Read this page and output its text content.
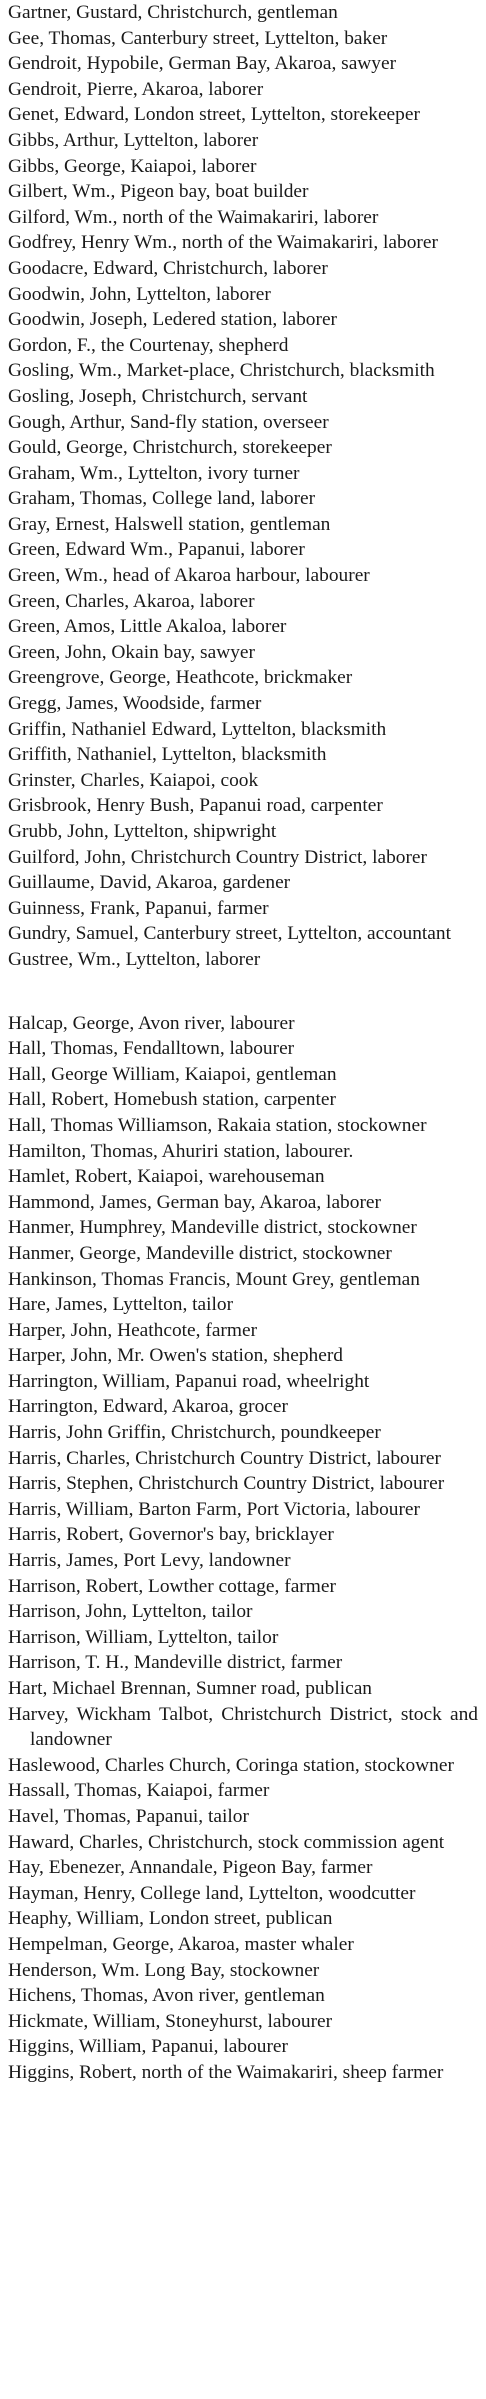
Gartner, Gustard, Christchurch, gentleman
Gee, Thomas, Canterbury street, Lyttelton, baker
Gendroit, Hypobile, German Bay, Akaroa, sawyer
Gendroit, Pierre, Akaroa, laborer
Genet, Edward, London street, Lyttelton, storekeeper
Gibbs, Arthur, Lyttelton, laborer
Gibbs, George, Kaiapoi, laborer
Gilbert, Wm., Pigeon bay, boat builder
Gilford, Wm., north of the Waimakariri, laborer
Godfrey, Henry Wm., north of the Waimakariri, laborer
Goodacre, Edward, Christchurch, laborer
Goodwin, John, Lyttelton, laborer
Goodwin, Joseph, Ledered station, laborer
Gordon, F., the Courtenay, shepherd
Gosling, Wm., Market-place, Christchurch, blacksmith
Gosling, Joseph, Christchurch, servant
Gough, Arthur, Sand-fly station, overseer
Gould, George, Christchurch, storekeeper
Graham, Wm., Lyttelton, ivory turner
Graham, Thomas, College land, laborer
Gray, Ernest, Halswell station, gentleman
Green, Edward Wm., Papanui, laborer
Green, Wm., head of Akaroa harbour, labourer
Green, Charles, Akaroa, laborer
Green, Amos, Little Akaloa, laborer
Green, John, Okain bay, sawyer
Greengrove, George, Heathcote, brickmaker
Gregg, James, Woodside, farmer
Griffin, Nathaniel Edward, Lyttelton, blacksmith
Griffith, Nathaniel, Lyttelton, blacksmith
Grinster, Charles, Kaiapoi, cook
Grisbrook, Henry Bush, Papanui road, carpenter
Grubb, John, Lyttelton, shipwright
Guilford, John, Christchurch Country District, laborer
Guillaume, David, Akaroa, gardener
Guinness, Frank, Papanui, farmer
Gundry, Samuel, Canterbury street, Lyttelton, accountant
Gustree, Wm., Lyttelton, laborer
Halcap, George, Avon river, labourer
Hall, Thomas, Fendalltown, labourer
Hall, George William, Kaiapoi, gentleman
Hall, Robert, Homebush station, carpenter
Hall, Thomas Williamson, Rakaia station, stockowner
Hamilton, Thomas, Ahuriri station, labourer.
Hamlet, Robert, Kaiapoi, warehouseman
Hammond, James, German bay, Akaroa, laborer
Hanmer, Humphrey, Mandeville district, stockowner
Hanmer, George, Mandeville district, stockowner
Hankinson, Thomas Francis, Mount Grey, gentleman
Hare, James, Lyttelton, tailor
Harper, John, Heathcote, farmer
Harper, John, Mr. Owen's station, shepherd
Harrington, William, Papanui road, wheelright
Harrington, Edward, Akaroa, grocer
Harris, John Griffin, Christchurch, poundkeeper
Harris, Charles, Christchurch Country District, labourer
Harris, Stephen, Christchurch Country District, labourer
Harris, William, Barton Farm, Port Victoria, labourer
Harris, Robert, Governor's bay, bricklayer
Harris, James, Port Levy, landowner
Harrison, Robert, Lowther cottage, farmer
Harrison, John, Lyttelton, tailor
Harrison, William, Lyttelton, tailor
Harrison, T. H., Mandeville district, farmer
Hart, Michael Brennan, Sumner road, publican
Harvey, Wickham Talbot, Christchurch District, stock and landowner
Haslewood, Charles Church, Coringa station, stockowner
Hassall, Thomas, Kaiapoi, farmer
Havel, Thomas, Papanui, tailor
Haward, Charles, Christchurch, stock commission agent
Hay, Ebenezer, Annandale, Pigeon Bay, farmer
Hayman, Henry, College land, Lyttelton, woodcutter
Heaphy, William, London street, publican
Hempelman, George, Akaroa, master whaler
Henderson, Wm. Long Bay, stockowner
Hichens, Thomas, Avon river, gentleman
Hickmate, William, Stoneyhurst, labourer
Higgins, William, Papanui, labourer
Higgins, Robert, north of the Waimakariri, sheep farmer
